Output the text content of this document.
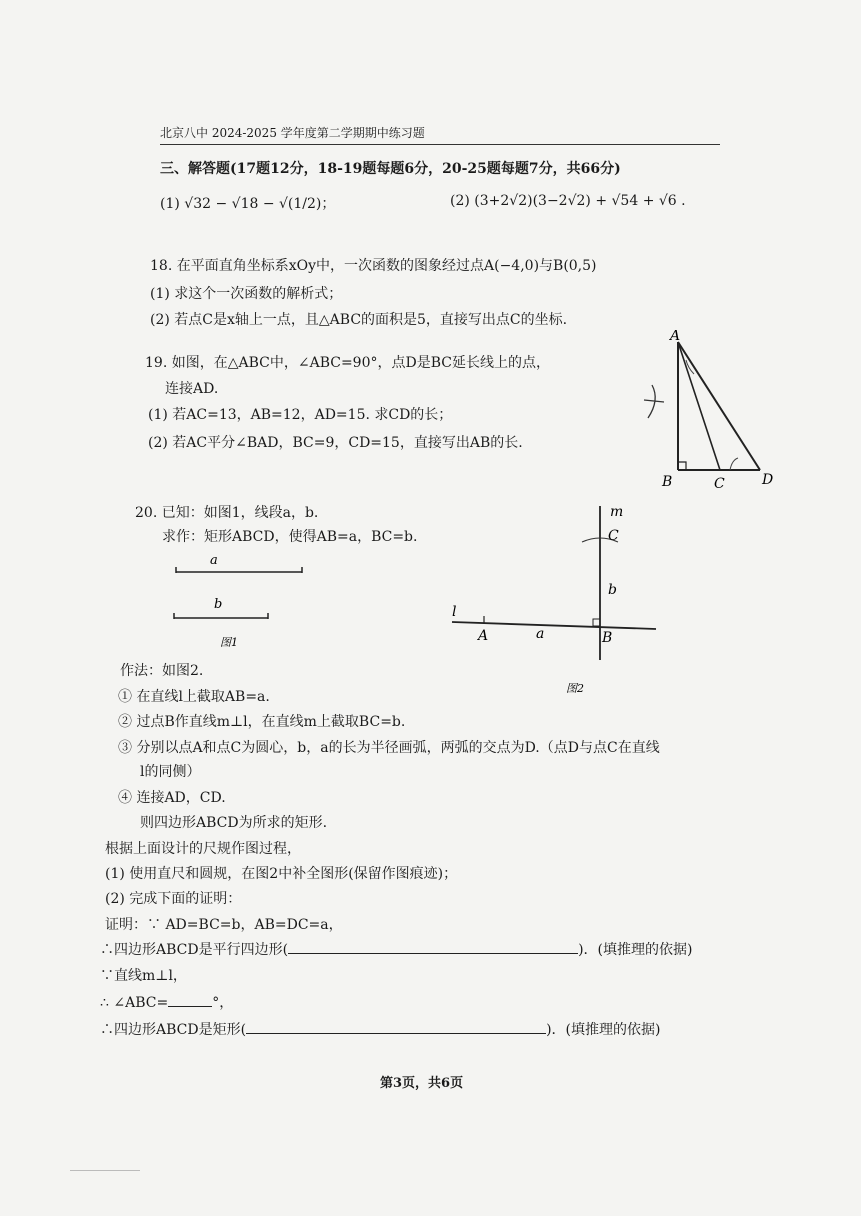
北京八中 2024-2025 学年度第二学期期中练习题
三、解答题(17题12分，18-19题每题6分，20-25题每题7分，共66分)
(1) √32 − √18 − √(1/2)；	(2) (3+2√2)(3−2√2) + √54 + √6 .
18. 在平面直角坐标系xOy中，一次函数的图象经过点A(−4,0)与B(0,5)
(1) 求这个一次函数的解析式；
(2) 若点C是x轴上一点，且△ABC的面积是5，直接写出点C的坐标.
19. 如图，在△ABC中，∠ABC=90°，点D是BC延长线上的点，
连接AD.
(1) 若AC=13，AB=12，AD=15. 求CD的长；
(2) 若AC平分∠BAD，BC=9，CD=15，直接写出AB的长.
A
B	C	D
x
20. 已知：如图1，线段a，b.
求作：矩形ABCD，使得AB=a，BC=b.
a
b
图1
m
C
b
l
A	a	B
图2
作法：如图2.
① 在直线l上截取AB=a.
② 过点B作直线m⊥l，在直线m上截取BC=b.
③ 分别以点A和点C为圆心，b，a的长为半径画弧，两弧的交点为D.（点D与点C在直线
l的同侧）
④ 连接AD，CD.
则四边形ABCD为所求的矩形.
根据上面设计的尺规作图过程，
(1) 使用直尺和圆规，在图2中补全图形(保留作图痕迹)；
(2) 完成下面的证明：
证明：∵ AD=BC=b，AB=DC=a，
∴四边形ABCD是平行四边形(	)．(填推理的依据)
∵直线m⊥l，
∴ ∠ABC=	°，
∴四边形ABCD是矩形(	)．(填推理的依据)
第3页，共6页
